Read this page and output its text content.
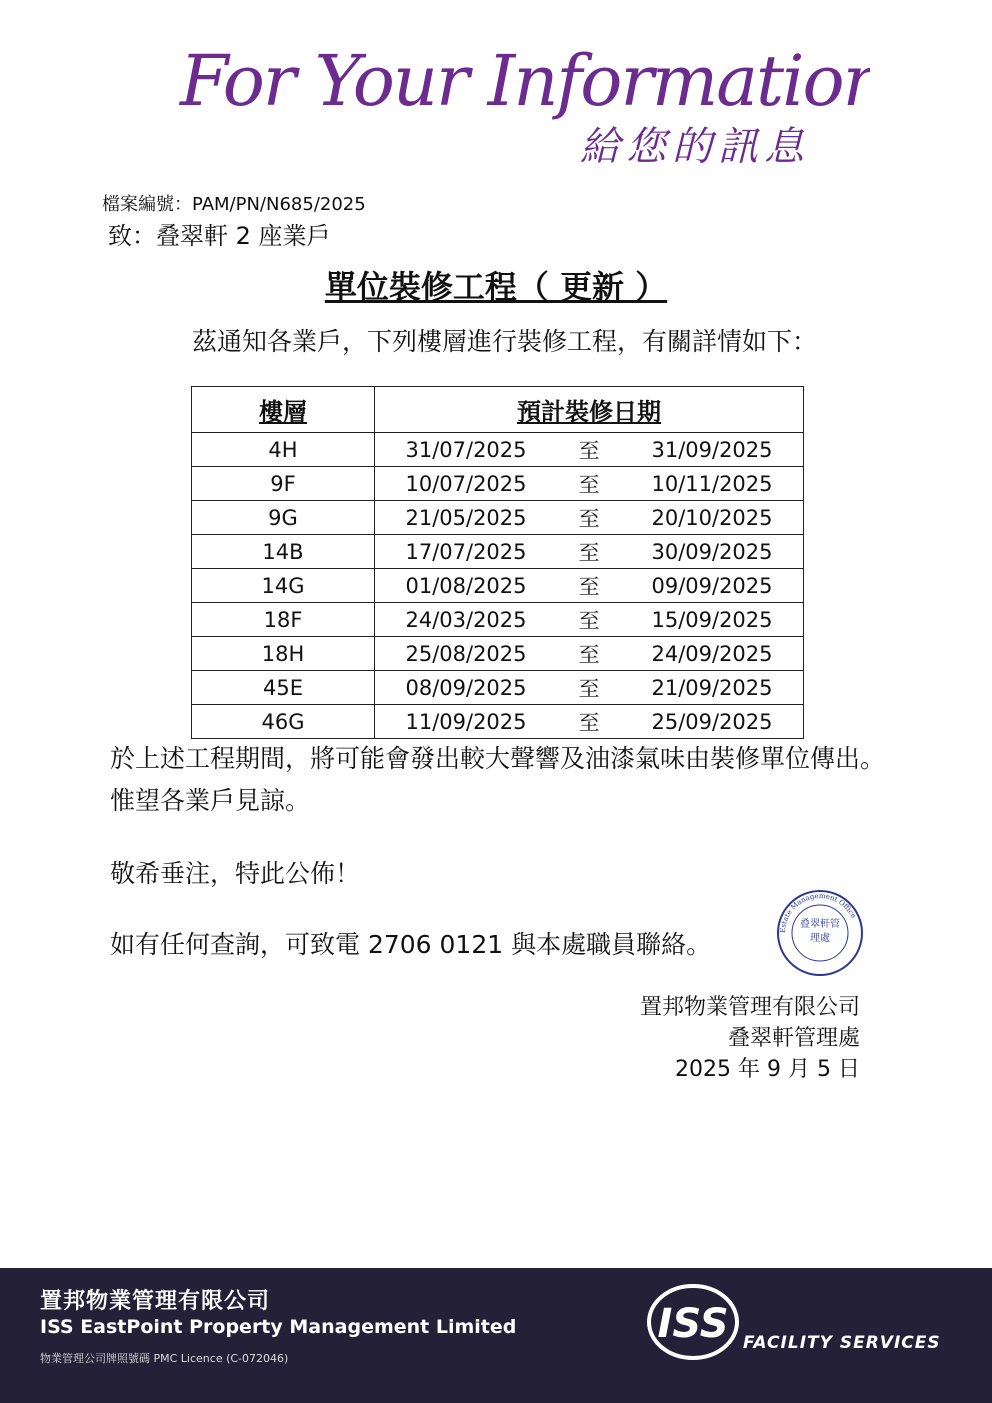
For Your Information
給您的訊息
檔案編號：PAM/PN/N685/2025
致：叠翠軒 2 座業戶
單位裝修工程（ 更新 ）
茲通知各業戶，下列樓層進行裝修工程，有關詳情如下：
樓層	預計裝修日期
4H	31/07/2025 至 31/09/2025

9F	10/07/2025 至 10/11/2025

9G	21/05/2025 至 20/10/2025

14B	17/07/2025 至 30/09/2025

14G	01/08/2025 至 09/09/2025

18F	24/03/2025 至 15/09/2025

18H	25/08/2025 至 24/09/2025

45E	08/09/2025 至 21/09/2025

46G	11/09/2025 至 25/09/2025
於上述工程期間，將可能會發出較大聲響及油漆氣味由裝修單位傳出。惟望各業戶見諒。
敬希垂注，特此公佈！
如有任何查詢，可致電 2706 0121 與本處職員聯絡。	Estate Management Office
叠翠軒管理處
置邦物業管理有限公司
叠翠軒管理處
2025 年 9 月 5 日
置邦物業管理有限公司
ISS EastPoint Property Management Limited
物業管理公司牌照號碼 PMC Licence (C-072046)
ISS FACILITY SERVICES
